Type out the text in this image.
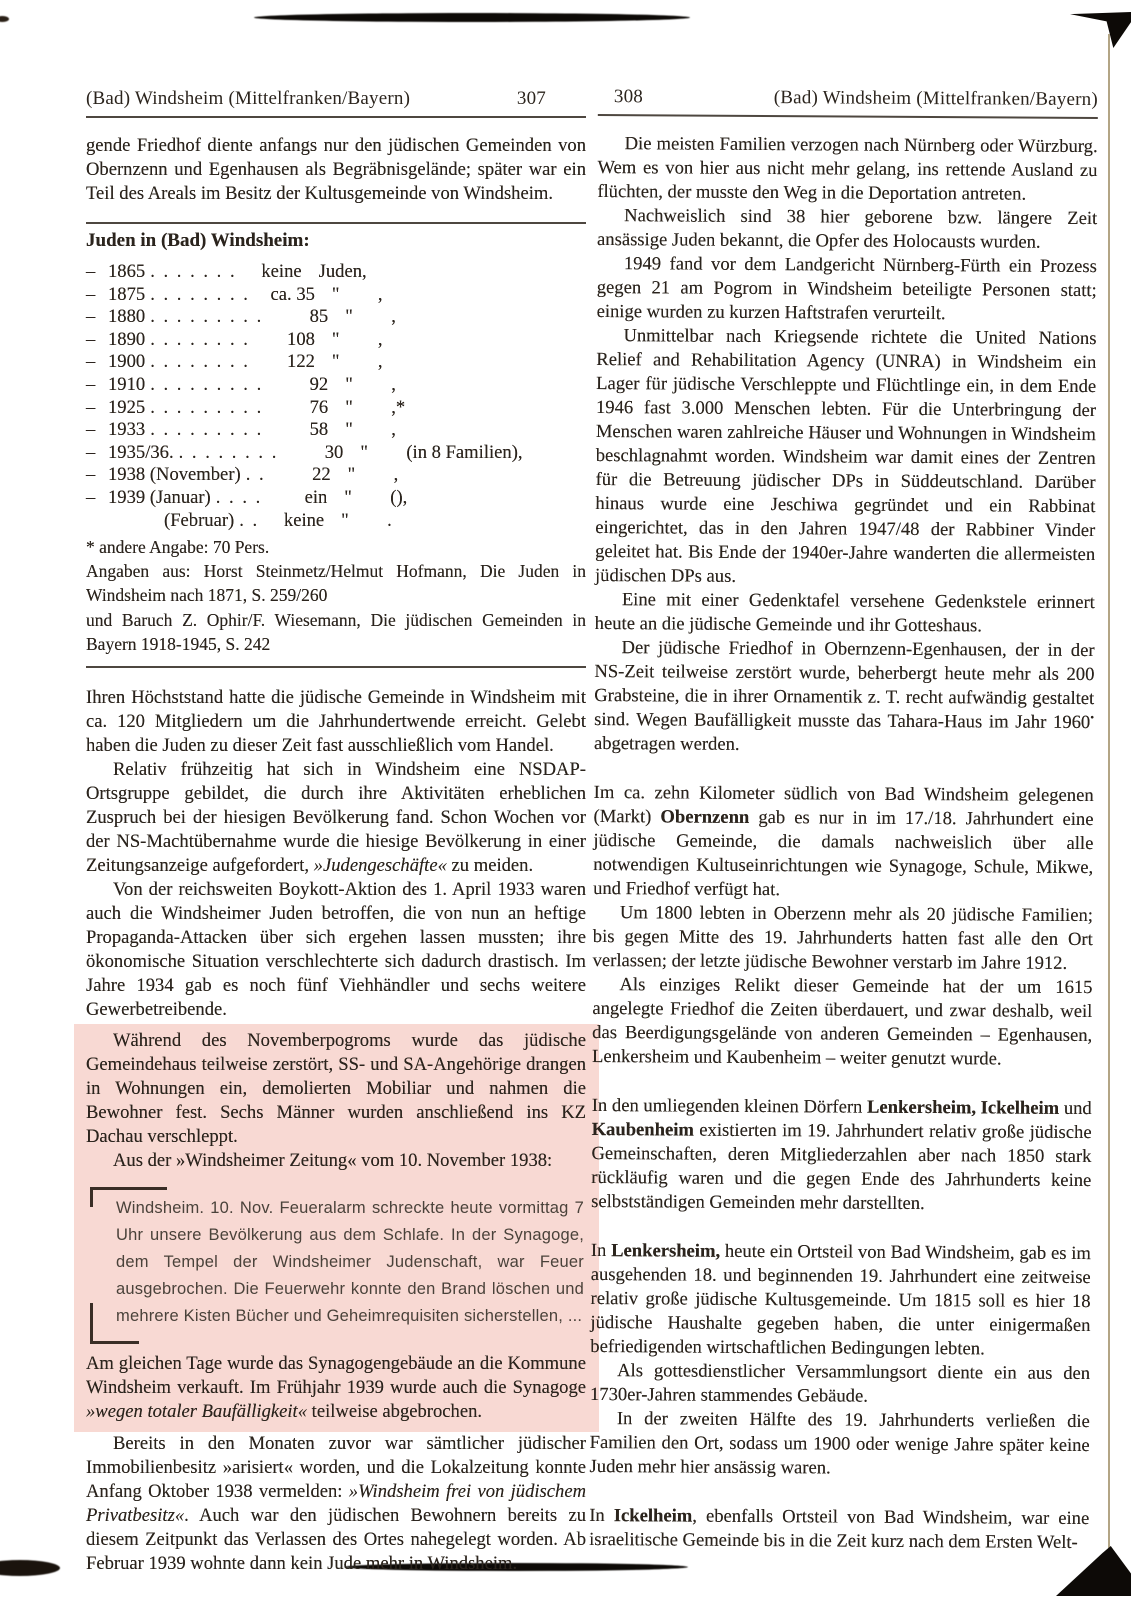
(Bad) Windsheim (Mittelfranken/Bayern)	307

gende Friedhof diente anfangs nur den jüdischen Gemeinden von Obernzenn und Egenhausen als Begräbnisgelände; später war ein Teil des Areals im Besitz der Kultusgemeinde von Windsheim.

Juden in (Bad) Windsheim:
– 1865 . . . . . . .	keine Juden,
– 1875 . . . . . . . .	ca. 35 "	,
– 1880 . . . . . . . . .	85 "	,
– 1890 . . . . . . . .	108 "	,
– 1900 . . . . . . . .	122 "	,
– 1910 . . . . . . . . .	92 "	,
– 1925 . . . . . . . . .	76 "	,*
– 1933 . . . . . . . . .	58 "	,
– 1935/36. . . . . . . . .	30 "	(in 8 Familien),
– 1938 (November) . .	22 "	,
– 1939 (Januar) . . . .	ein "	(),
(Februar) . .	keine "	.
* andere Angabe: 70 Pers.

Angaben aus: Horst Steinmetz/Helmut Hofmann, Die Juden in Windsheim nach 1871, S. 259/260

und Baruch Z. Ophir/F. Wiesemann, Die jüdischen Gemeinden in Bayern 1918-1945, S. 242

Ihren Höchststand hatte die jüdische Gemeinde in Windsheim mit ca. 120 Mitgliedern um die Jahrhundertwende erreicht. Gelebt haben die Juden zu dieser Zeit fast ausschließlich vom Handel.

Relativ frühzeitig hat sich in Windsheim eine NSDAP-Ortsgruppe gebildet, die durch ihre Aktivitäten erheblichen Zuspruch bei der hiesigen Bevölkerung fand. Schon Wochen vor der NS-Machtübernahme wurde die hiesige Bevölkerung in einer Zeitungsanzeige aufgefordert, »Judengeschäfte« zu meiden.

Von der reichsweiten Boykott-Aktion des 1. April 1933 waren auch die Windsheimer Juden betroffen, die von nun an heftige Propaganda-Attacken über sich ergehen lassen mussten; ihre ökonomische Situation verschlechterte sich dadurch drastisch. Im Jahre 1934 gab es noch fünf Viehhändler und sechs weitere Gewerbetreibende.

Während des Novemberpogroms wurde das jüdische Gemeindehaus teilweise zerstört, SS- und SA-Angehörige drangen in Wohnungen ein, demolierten Mobiliar und nahmen die Bewohner fest. Sechs Männer wurden anschließend ins KZ Dachau verschleppt.

Aus der »Windsheimer Zeitung« vom 10. November 1938:

Windsheim. 10. Nov. Feueralarm schreckte heute vormittag 7 Uhr unsere Bevölkerung aus dem Schlafe. In der Synagoge, dem Tempel der Windsheimer Judenschaft, war Feuer ausgebrochen. Die Feuerwehr konnte den Brand löschen und mehrere Kisten Bücher und Geheimrequisiten sicherstellen, ...

Am gleichen Tage wurde das Synagogengebäude an die Kommune Windsheim verkauft. Im Frühjahr 1939 wurde auch die Synagoge »wegen totaler Baufälligkeit« teilweise abgebrochen.

Bereits in den Monaten zuvor war sämtlicher jüdischer Immobilienbesitz »arisiert« worden, und die Lokalzeitung konnte Anfang Oktober 1938 vermelden: »Windsheim frei von jüdischem Privatbesitz«. Auch war den jüdischen Bewohnern bereits zu diesem Zeitpunkt das Verlassen des Ortes nahegelegt worden. Ab Februar 1939 wohnte dann kein Jude mehr in Windsheim.

308	(Bad) Windsheim (Mittelfranken/Bayern)

Die meisten Familien verzogen nach Nürnberg oder Würzburg. Wem es von hier aus nicht mehr gelang, ins rettende Ausland zu flüchten, der musste den Weg in die Deportation antreten.

Nachweislich sind 38 hier geborene bzw. längere Zeit ansässige Juden bekannt, die Opfer des Holocausts wurden.

1949 fand vor dem Landgericht Nürnberg-Fürth ein Prozess gegen 21 am Pogrom in Windsheim beteiligte Personen statt; einige wurden zu kurzen Haftstrafen verurteilt.

Unmittelbar nach Kriegsende richtete die United Nations Relief and Rehabilitation Agency (UNRA) in Windsheim ein Lager für jüdische Verschleppte und Flüchtlinge ein, in dem Ende 1946 fast 3.000 Menschen lebten. Für die Unterbringung der Menschen waren zahlreiche Häuser und Wohnungen in Windsheim beschlagnahmt worden. Windsheim war damit eines der Zentren für die Betreuung jüdischer DPs in Süddeutschland. Darüber hinaus wurde eine Jeschiwa gegründet und ein Rabbinat eingerichtet, das in den Jahren 1947/48 der Rabbiner Vinder geleitet hat. Bis Ende der 1940er-Jahre wanderten die allermeisten jüdischen DPs aus.

Eine mit einer Gedenktafel versehene Gedenkstele erinnert heute an die jüdische Gemeinde und ihr Gotteshaus.

Der jüdische Friedhof in Obernzenn-Egenhausen, der in der NS-Zeit teilweise zerstört wurde, beherbergt heute mehr als 200 Grabsteine, die in ihrer Ornamentik z. T. recht aufwändig gestaltet sind. Wegen Baufälligkeit musste das Tahara-Haus im Jahr 1960• abgetragen werden.

Im ca. zehn Kilometer südlich von Bad Windsheim gelegenen (Markt) Obernzenn gab es nur in im 17./18. Jahrhundert eine jüdische Gemeinde, die damals nachweislich über alle notwendigen Kultuseinrichtungen wie Synagoge, Schule, Mikwe, und Friedhof verfügt hat.

Um 1800 lebten in Oberzenn mehr als 20 jüdische Familien; bis gegen Mitte des 19. Jahrhunderts hatten fast alle den Ort verlassen; der letzte jüdische Bewohner verstarb im Jahre 1912.

Als einziges Relikt dieser Gemeinde hat der um 1615 angelegte Friedhof die Zeiten überdauert, und zwar deshalb, weil das Beerdigungsgelände von anderen Gemeinden – Egenhausen, Lenkersheim und Kaubenheim – weiter genutzt wurde.

In den umliegenden kleinen Dörfern Lenkersheim, Ickelheim und Kaubenheim existierten im 19. Jahrhundert relativ große jüdische Gemeinschaften, deren Mitgliederzahlen aber nach 1850 stark rückläufig waren und die gegen Ende des Jahrhunderts keine selbstständigen Gemeinden mehr darstellten.

In Lenkersheim, heute ein Ortsteil von Bad Windsheim, gab es im ausgehenden 18. und beginnenden 19. Jahrhundert eine zeitweise relativ große jüdische Kultusgemeinde. Um 1815 soll es hier 18 jüdische Haushalte gegeben haben, die unter einigermaßen befriedigenden wirtschaftlichen Bedingungen lebten.

Als gottesdienstlicher Versammlungsort diente ein aus den 1730er-Jahren stammendes Gebäude.

In der zweiten Hälfte des 19. Jahrhunderts verließen die Familien den Ort, sodass um 1900 oder wenige Jahre später keine Juden mehr hier ansässig waren.

In Ickelheim, ebenfalls Ortsteil von Bad Windsheim, war eine israelitische Gemeinde bis in die Zeit kurz nach dem Ersten Welt-
